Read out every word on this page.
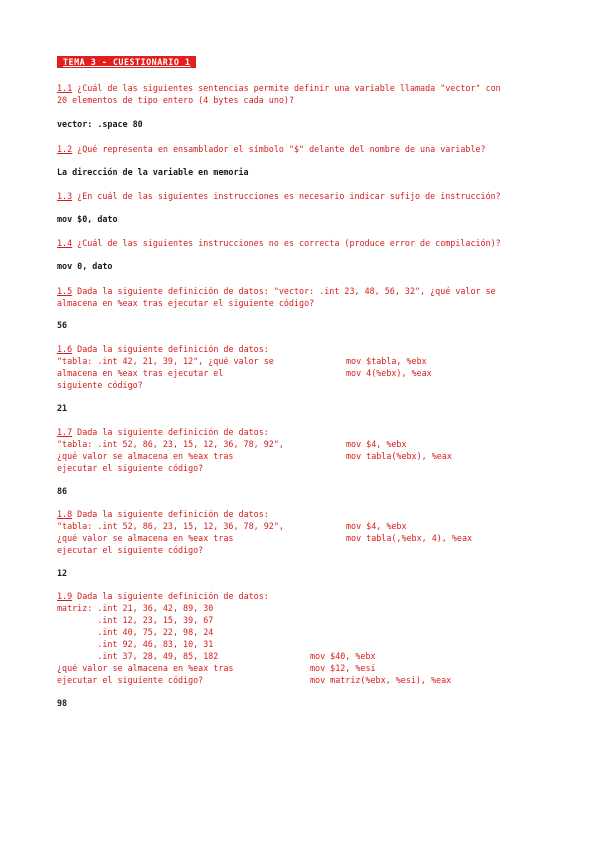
TEMA 3 - CUESTIONARIO 1
1.1 ¿Cuál de las siguientes sentencias permite definir una variable llamada "vector" con
20 elementos de tipo entero (4 bytes cada uno)?
vector: .space 80
1.2 ¿Qué representa en ensamblador el símbolo "$" delante del nombre de una variable?
La dirección de la variable en memoria
1.3 ¿En cuál de las siguientes instrucciones es necesario indicar sufijo de instrucción?
mov $0, dato
1.4 ¿Cuál de las siguientes instrucciones no es correcta (produce error de compilación)?
mov 0, dato
1.5 Dada la siguiente definición de datos: "vector: .int 23, 48, 56, 32", ¿qué valor se
almacena en %eax tras ejecutar el siguiente código?
56
1.6 Dada la siguiente definición de datos:
"tabla: .int 42, 21, 39, 12", ¿qué valor se
almacena en %eax tras ejecutar el
siguiente código?
mov $tabla, %ebx
mov 4(%ebx), %eax
21
1.7 Dada la siguiente definición de datos:
"tabla: .int 52, 86, 23, 15, 12, 36, 78, 92",
¿qué valor se almacena en %eax tras
ejecutar el siguiente código?
mov $4, %ebx
mov tabla(%ebx), %eax
86
1.8 Dada la siguiente definición de datos:
"tabla: .int 52, 86, 23, 15, 12, 36, 78, 92",
¿qué valor se almacena en %eax tras
ejecutar el siguiente código?
mov $4, %ebx
mov tabla(,%ebx, 4), %eax
12
1.9 Dada la siguiente definición de datos:
matriz: .int 21, 36, 42, 89, 30
.int 12, 23, 15, 39, 67
.int 40, 75, 22, 98, 24
.int 92, 46, 83, 10, 31
.int 37, 28, 49, 85, 182
¿qué valor se almacena en %eax tras
ejecutar el siguiente código?
mov $40, %ebx
mov $12, %esi
mov matriz(%ebx, %esi), %eax
98
